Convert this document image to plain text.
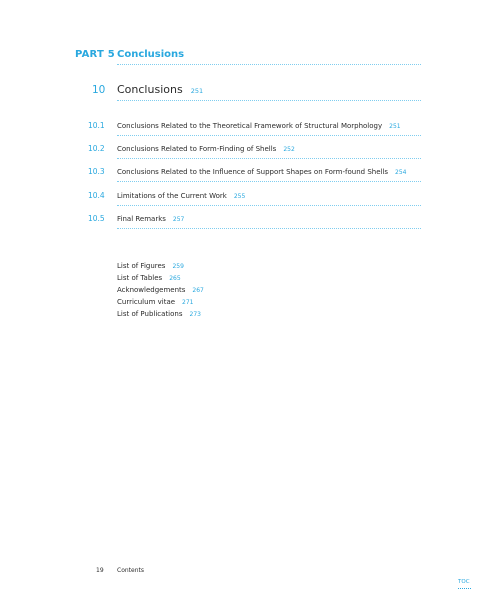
PART 5 Conclusions
10 Conclusions 251
10.1 Conclusions Related to the Theoretical Framework of Structural Morphology 251
10.2 Conclusions Related to Form-Finding of Shells 252
10.3 Conclusions Related to the Influence of Support Shapes on Form-found Shells 254
10.4 Limitations of the Current Work 255
10.5 Final Remarks 257
List of Figures 259
List of Tables 265
Acknowledgements 267
Curriculum vitae 271
List of Publications 273
19 Contents
TOC
